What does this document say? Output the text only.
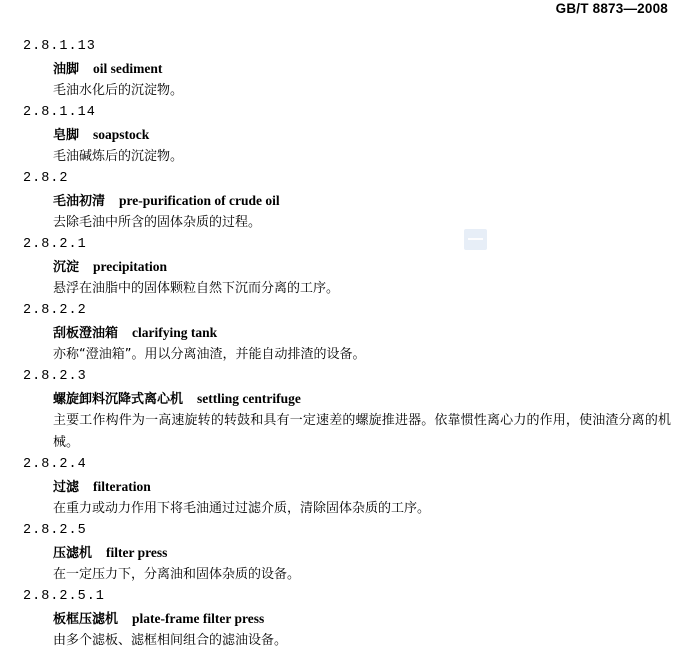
GB/T 8873—2008
2.8.1.13
油脚 oil sediment
毛油水化后的沉淀物。
2.8.1.14
皂脚 soapstock
毛油碱炼后的沉淀物。
2.8.2
毛油初清 pre-purification of crude oil
去除毛油中所含的固体杂质的过程。
2.8.2.1
沉淀 precipitation
悬浮在油脂中的固体颗粒自然下沉而分离的工序。
2.8.2.2
刮板澄油箱 clarifying tank
亦称“澄油箱”。用以分离油渣，并能自动排渣的设备。
2.8.2.3
螺旋卸料沉降式离心机 settling centrifuge
主要工作构件为一高速旋转的转鼓和具有一定速差的螺旋推进器。依靠惯性离心力的作用，使油渣分离的机械。
2.8.2.4
过滤 filteration
在重力或动力作用下将毛油通过过滤介质，清除固体杂质的工序。
2.8.2.5
压滤机 filter press
在一定压力下，分离油和固体杂质的设备。
2.8.2.5.1
板框压滤机 plate-frame filter press
由多个滤板、滤框相间组合的滤油设备。
